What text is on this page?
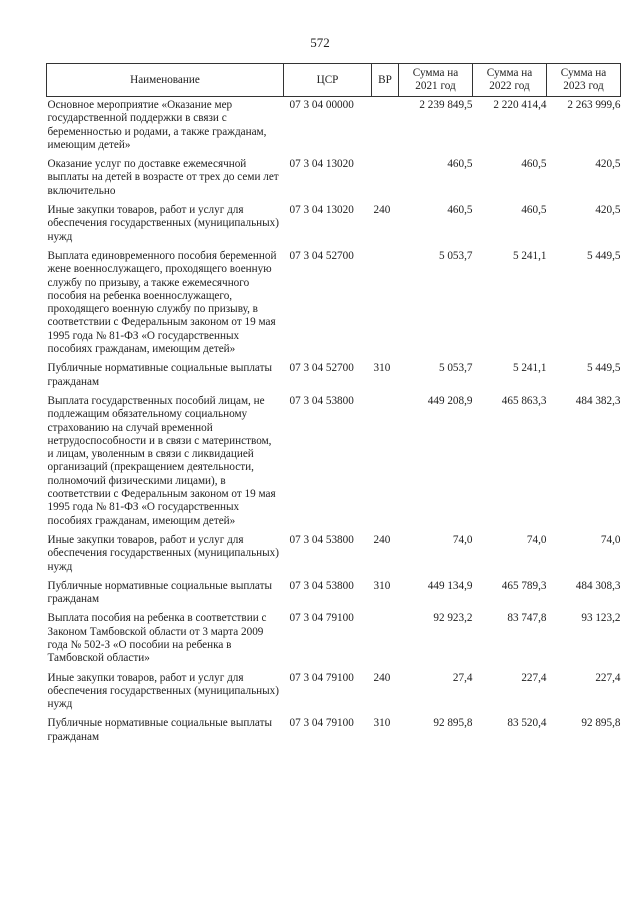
572
Наименование	ЦСР	ВР	Сумма на 2021 год	Сумма на 2022 год	Сумма на 2023 год
Основное мероприятие «Оказание мер государственной поддержки в связи с беременностью и родами, а также гражданам, имеющим детей»	07 3 04 00000		2 239 849,5	2 220 414,4	2 263 999,6
Оказание услуг по доставке ежемесячной выплаты на детей в возрасте от трех до семи лет включительно	07 3 04 13020		460,5	460,5	420,5
Иные закупки товаров, работ и услуг для обеспечения государственных (муниципальных) нужд	07 3 04 13020	240	460,5	460,5	420,5
Выплата единовременного пособия беременной жене военнослужащего, проходящего военную службу по призыву, а также ежемесячного пособия на ребенка военнослужащего, проходящего военную службу по призыву, в соответствии с Федеральным законом от 19 мая 1995 года № 81-ФЗ «О государственных пособиях гражданам, имеющим детей»	07 3 04 52700		5 053,7	5 241,1	5 449,5
Публичные нормативные социальные выплаты гражданам	07 3 04 52700	310	5 053,7	5 241,1	5 449,5
Выплата государственных пособий лицам, не подлежащим обязательному социальному страхованию на случай временной нетрудоспособности и в связи с материнством, и лицам, уволенным в связи с ликвидацией организаций (прекращением деятельности, полномочий физическими лицами), в соответствии с Федеральным законом от 19 мая 1995 года № 81-ФЗ «О государственных пособиях гражданам, имеющим детей»	07 3 04 53800		449 208,9	465 863,3	484 382,3
Иные закупки товаров, работ и услуг для обеспечения государственных (муниципальных) нужд	07 3 04 53800	240	74,0	74,0	74,0
Публичные нормативные социальные выплаты гражданам	07 3 04 53800	310	449 134,9	465 789,3	484 308,3
Выплата пособия на ребенка в соответствии с Законом Тамбовской области от 3 марта 2009 года № 502-З «О пособии на ребенка в Тамбовской области»	07 3 04 79100		92 923,2	83 747,8	93 123,2
Иные закупки товаров, работ и услуг для обеспечения государственных (муниципальных) нужд	07 3 04 79100	240	27,4	227,4	227,4
Публичные нормативные социальные выплаты гражданам	07 3 04 79100	310	92 895,8	83 520,4	92 895,8
